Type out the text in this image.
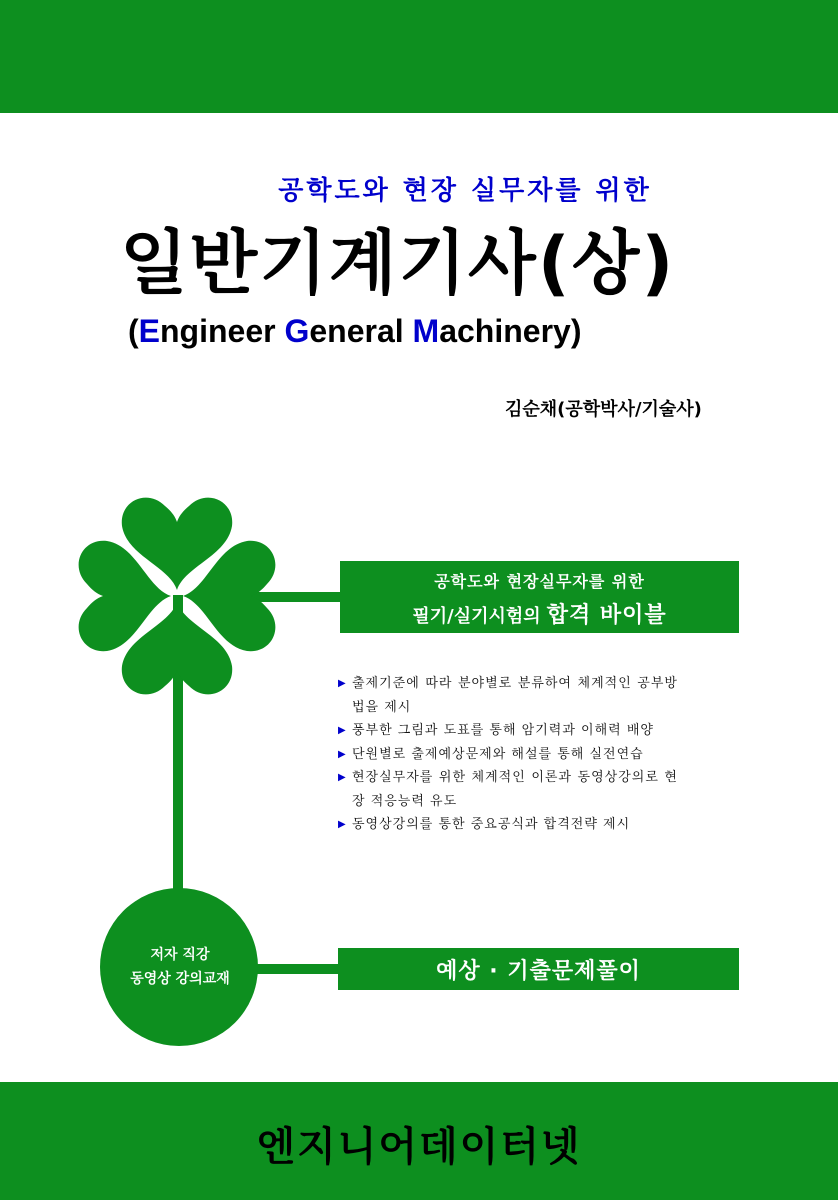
공학도와 현장 실무자를 위한
일반기계기사(상)
(Engineer General Machinery)
김순채(공학박사/기술사)
공학도와 현장실무자를 위한
필기/실기시험의 합격 바이블
▶ 출제기준에 따라 분야별로 분류하여 체계적인 공부방법을 제시
▶ 풍부한 그림과 도표를 통해 암기력과 이해력 배양
▶ 단원별로 출제예상문제와 해설를 통해 실전연습
▶ 현장실무자를 위한 체계적인 이론과 동영상강의로 현장 적응능력 유도
▶ 동영상강의를 통한 중요공식과 합격전략 제시
저자 직강
동영상 강의교재	예상 · 기출문제풀이
엔지니어데이터넷
